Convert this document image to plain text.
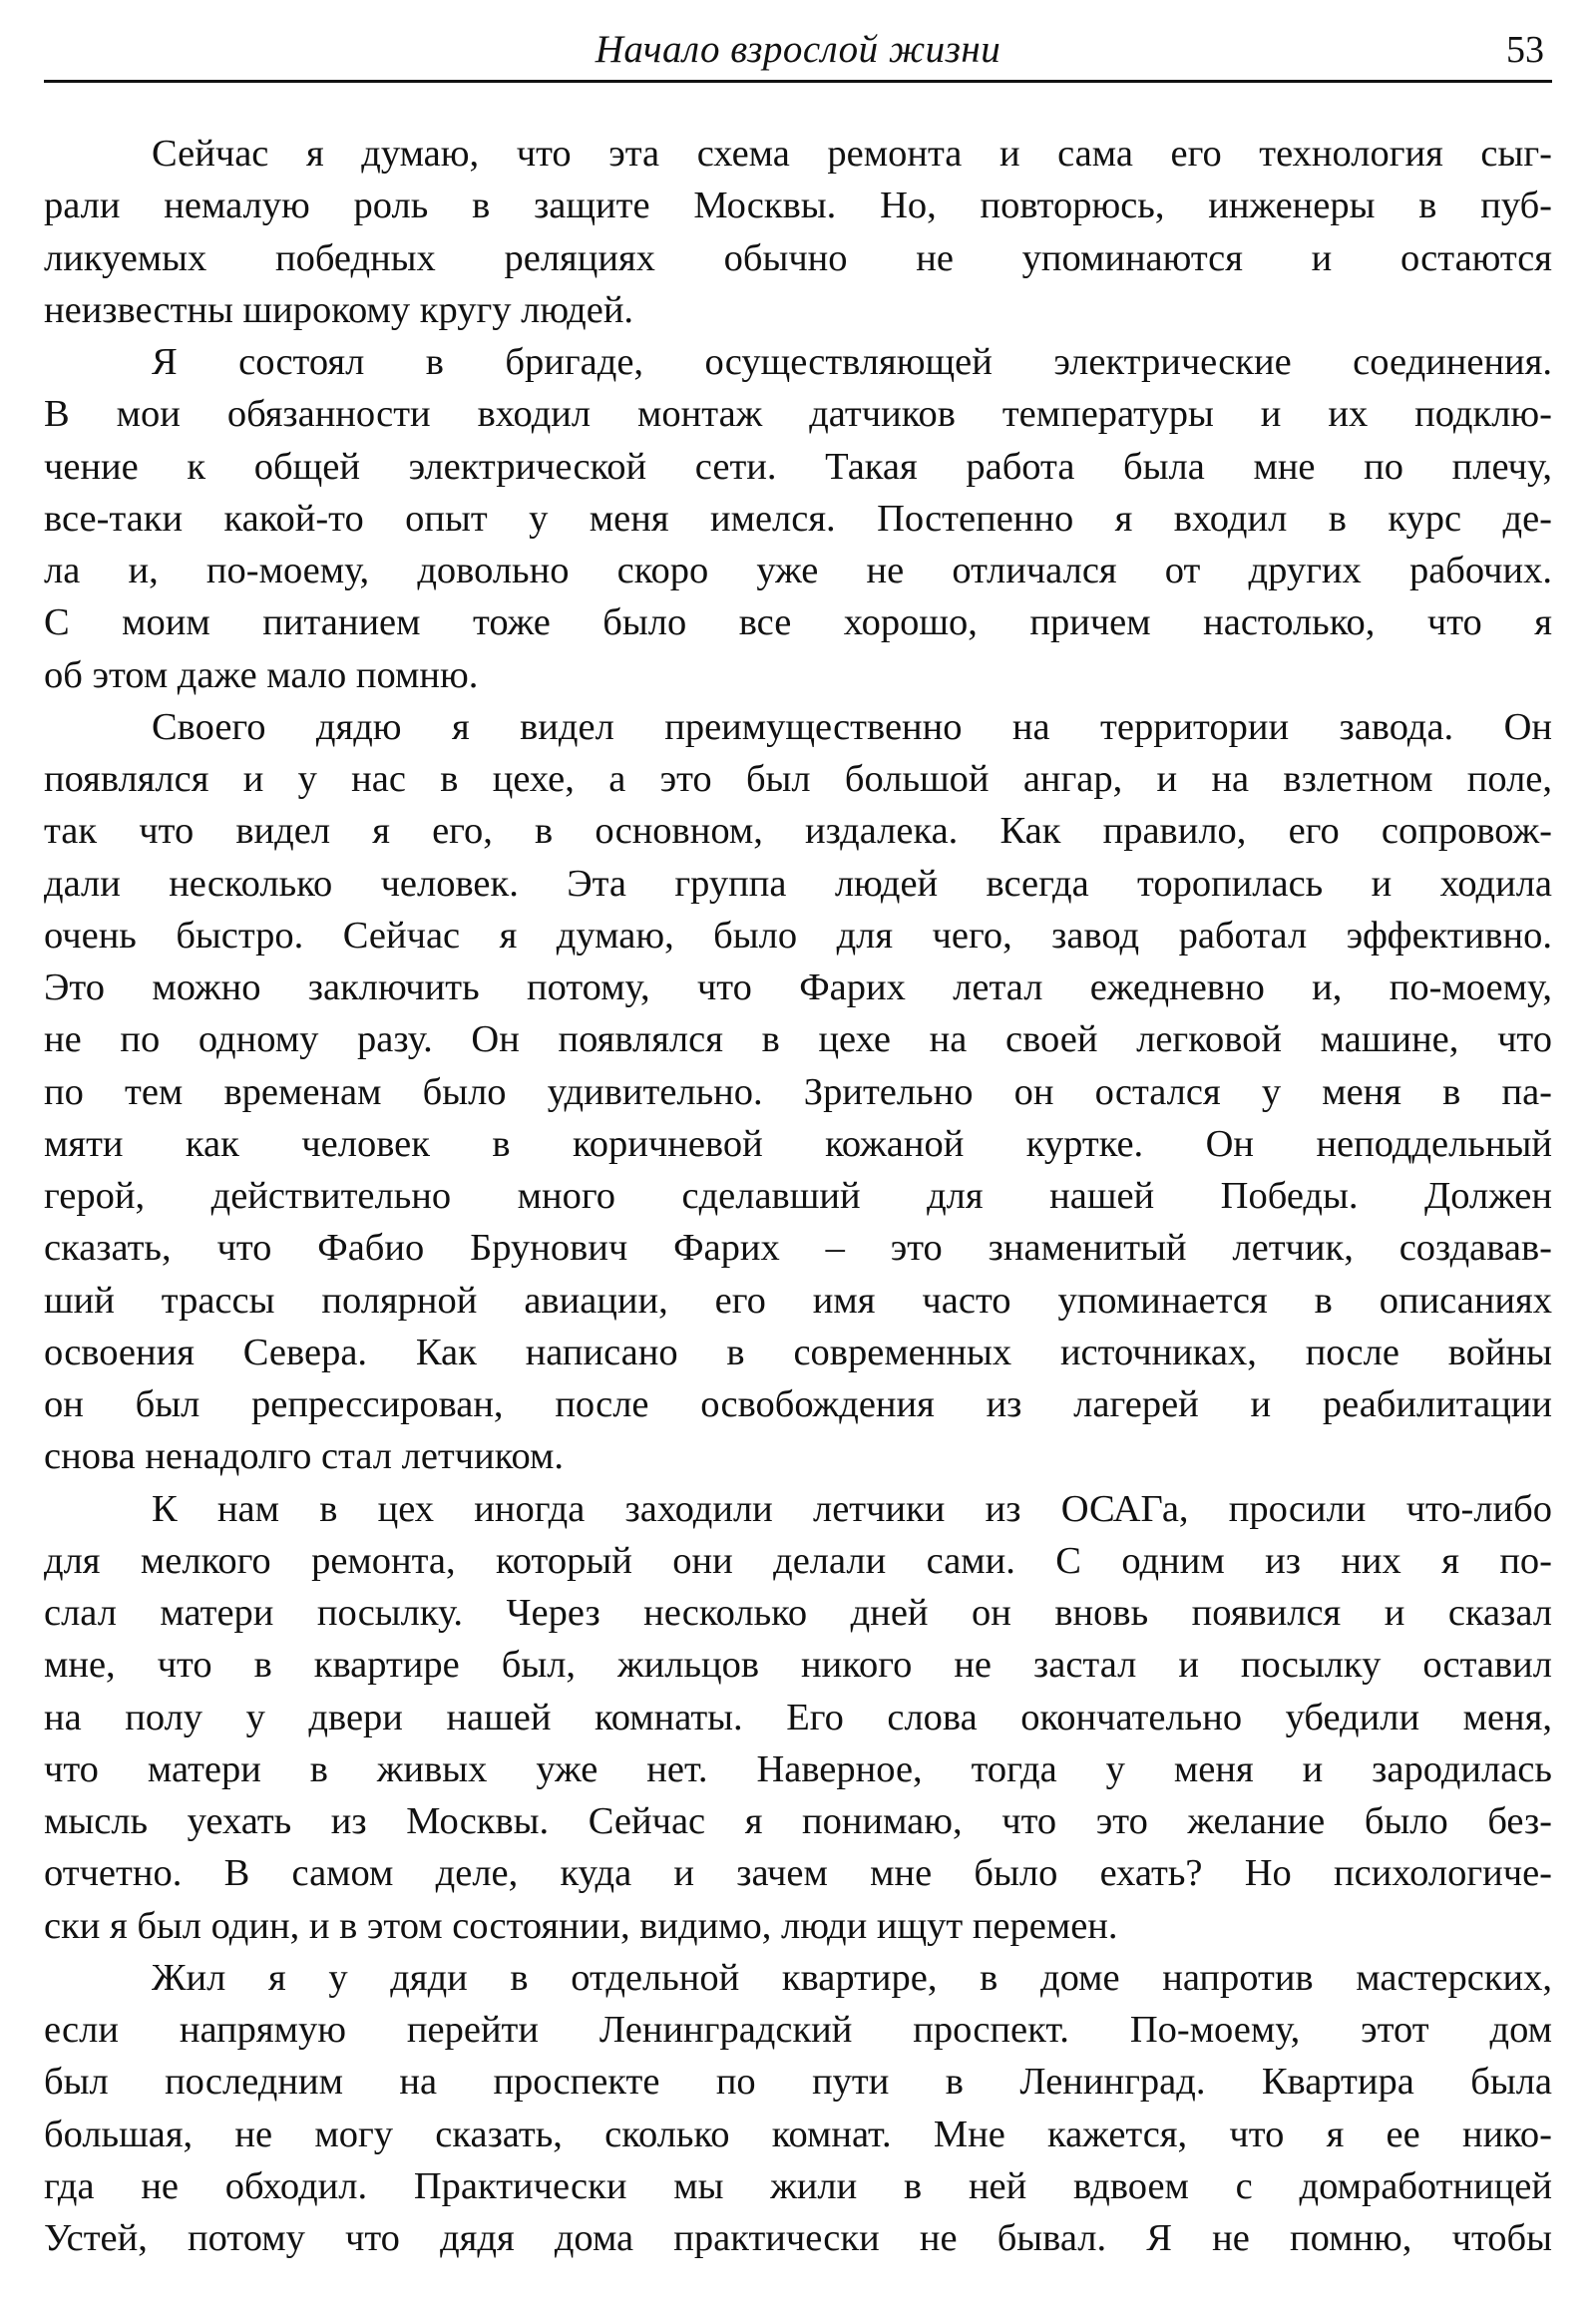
Начало взрослой жизни	53
Сейчас я думаю, что эта схема ремонта и сама его технология сыг-
рали немалую роль в защите Москвы. Но, повторюсь, инженеры в пуб-
ликуемых победных реляциях обычно не упоминаются и остаются
неизвестны широкому кругу людей.
Я состоял в бригаде, осуществляющей электрические соединения.
В мои обязанности входил монтаж датчиков температуры и их подклю-
чение к общей электрической сети. Такая работа была мне по плечу,
все-таки какой-то опыт у меня имелся. Постепенно я входил в курс де-
ла и, по-моему, довольно скоро уже не отличался от других рабочих.
С моим питанием тоже было все хорошо, причем настолько, что я
об этом даже мало помню.
Своего дядю я видел преимущественно на территории завода. Он
появлялся и у нас в цехе, а это был большой ангар, и на взлетном поле,
так что видел я его, в основном, издалека. Как правило, его сопровож-
дали несколько человек. Эта группа людей всегда торопилась и ходила
очень быстро. Сейчас я думаю, было для чего, завод работал эффективно.
Это можно заключить потому, что Фарих летал ежедневно и, по-моему,
не по одному разу. Он появлялся в цехе на своей легковой машине, что
по тем временам было удивительно. Зрительно он остался у меня в па-
мяти как человек в коричневой кожаной куртке. Он неподдельный
герой, действительно много сделавший для нашей Победы. Должен
сказать, что Фабио Брунович Фарих – это знаменитый летчик, создавав-
ший трассы полярной авиации, его имя часто упоминается в описаниях
освоения Севера. Как написано в современных источниках, после войны
он был репрессирован, после освобождения из лагерей и реабилитации
снова ненадолго стал летчиком.
К нам в цех иногда заходили летчики из ОСАГа, просили что-либо
для мелкого ремонта, который они делали сами. С одним из них я по-
слал матери посылку. Через несколько дней он вновь появился и сказал
мне, что в квартире был, жильцов никого не застал и посылку оставил
на полу у двери нашей комнаты. Его слова окончательно убедили меня,
что матери в живых уже нет. Наверное, тогда у меня и зародилась
мысль уехать из Москвы. Сейчас я понимаю, что это желание было без-
отчетно. В самом деле, куда и зачем мне было ехать? Но психологиче-
ски я был один, и в этом состоянии, видимо, люди ищут перемен.
Жил я у дяди в отдельной квартире, в доме напротив мастерских,
если напрямую перейти Ленинградский проспект. По-моему, этот дом
был последним на проспекте по пути в Ленинград. Квартира была
большая, не могу сказать, сколько комнат. Мне кажется, что я ее нико-
гда не обходил. Практически мы жили в ней вдвоем с домработницей
Устей, потому что дядя дома практически не бывал. Я не помню, чтобы
